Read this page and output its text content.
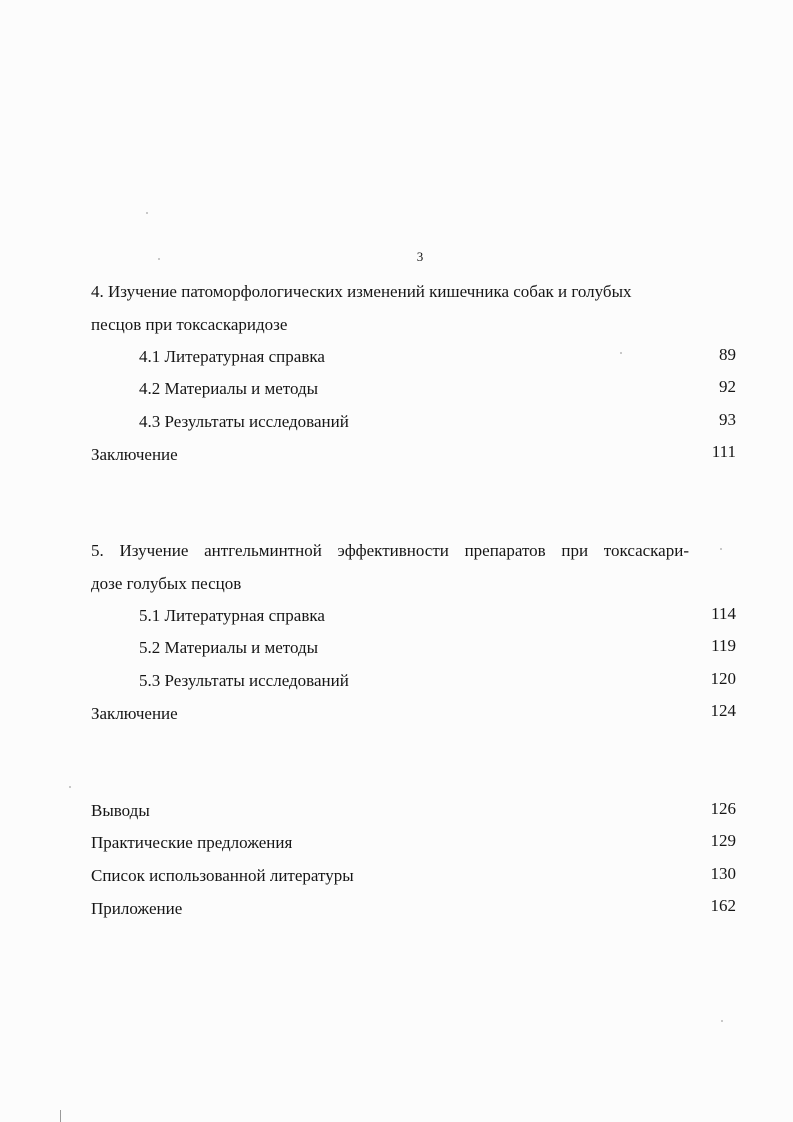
3
4. Изучение патоморфологических изменений кишечника собак и голубых
песцов при токсаскаридозе
4.1 Литературная справка	89
4.2 Материалы и методы	92
4.3 Результаты исследований	93
Заключение	111
5. Изучение антгельминтной эффективности препаратов при токсаскари-
дозе голубых песцов
5.1 Литературная справка	114
5.2 Материалы и методы	119
5.3 Результаты исследований	120
Заключение	124
Выводы	126
Практические предложения	129
Список использованной литературы	130
Приложение	162
